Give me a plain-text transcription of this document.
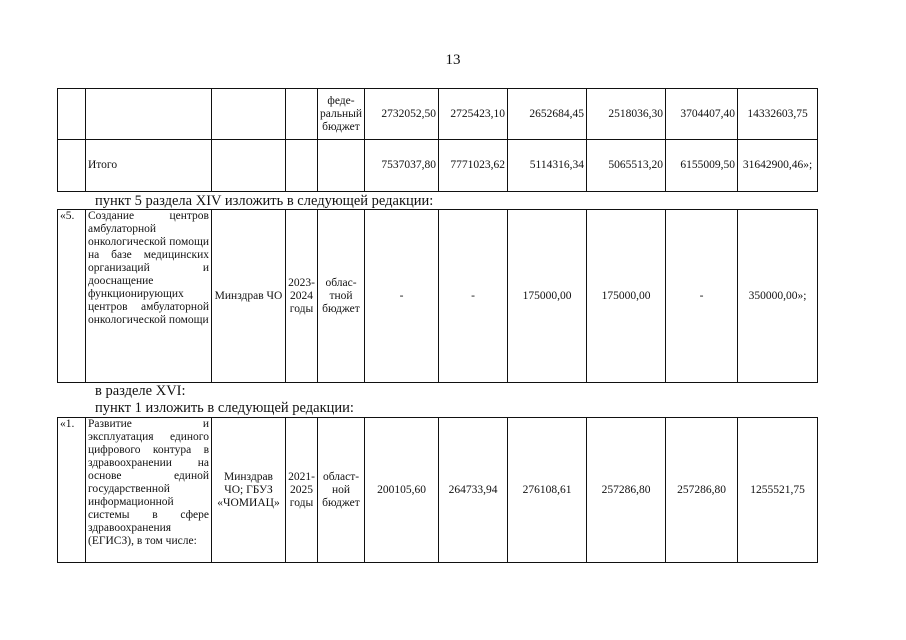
13
				феде-ральный бюджет	2732052,50	2725423,10	2652684,45	2518036,30	3704407,40	14332603,75
	Итого				7537037,80	7771023,62	5114316,34	5065513,20	6155009,50	31642900,46»;
пункт 5 раздела XIV изложить в следующей редакции:
«5.	Создание центров амбулаторной онкологической помощи на базе медицинских организаций и дооснащение функционирующих центров амбулаторной онкологической помощи	Минздрав ЧО	2023-2024 годы	облас-тной бюджет	-	-	175000,00	175000,00	-	350000,00»;
в разделе XVI:
пункт 1 изложить в следующей редакции:
«1.	Развитие и эксплуатация единого цифрового контура в здравоохранении на основе единой государственной информационной системы в сфере здравоохранения (ЕГИСЗ), в том числе:	Минздрав ЧО; ГБУЗ «ЧОМИАЦ»	2021-2025 годы	област-ной бюджет	200105,60	264733,94	276108,61	257286,80	257286,80	1255521,75
